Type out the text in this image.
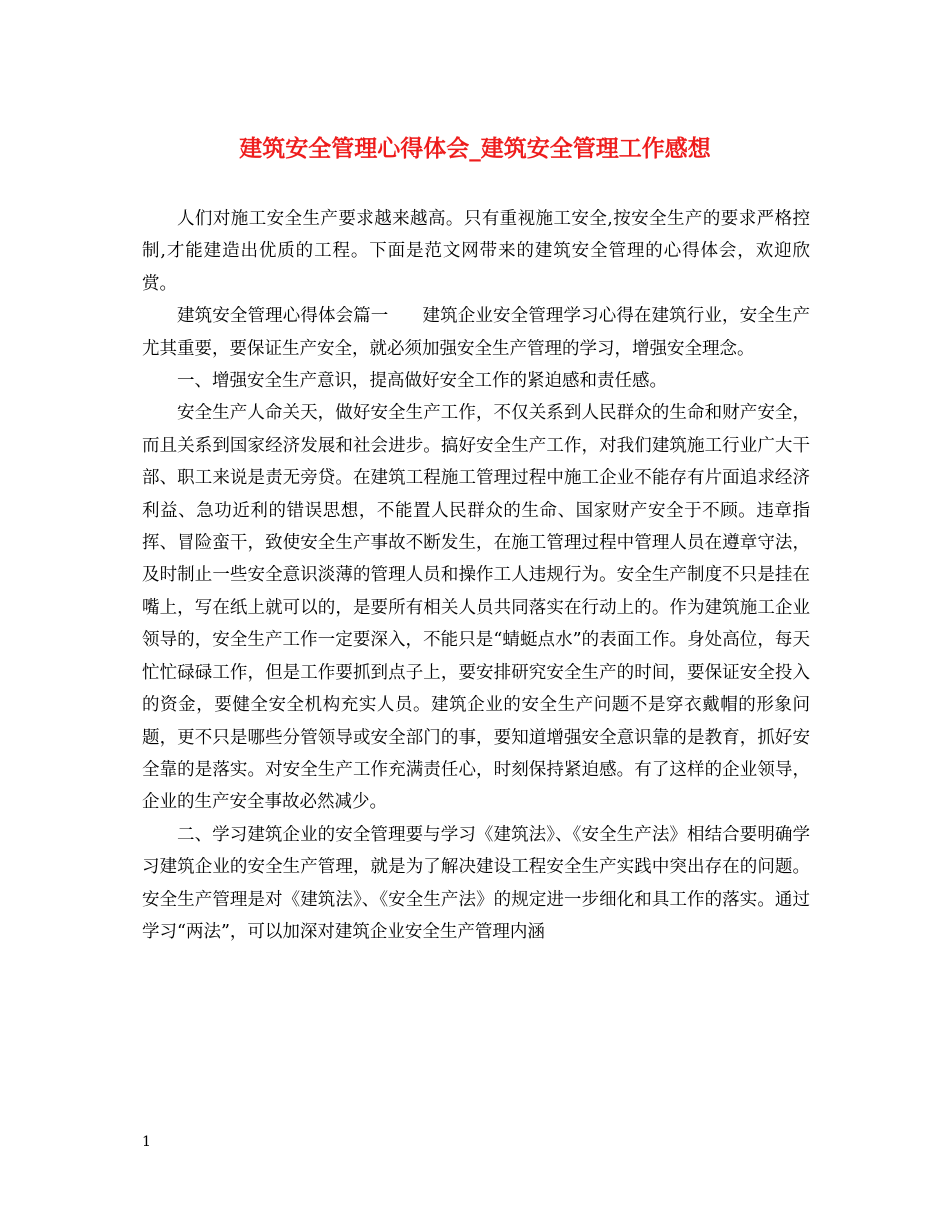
建筑安全管理心得体会_建筑安全管理工作感想

人们对施工安全生产要求越来越高。只有重视施工安全,按安全生产的要求严格控制,才能建造出优质的工程。下面是范文网带来的建筑安全管理的心得体会，欢迎欣赏。

建筑安全管理心得体会篇一      建筑企业安全管理学习心得在建筑行业，安全生产尤其重要，要保证生产安全，就必须加强安全生产管理的学习，增强安全理念。

一、增强安全生产意识，提高做好安全工作的紧迫感和责任感。

安全生产人命关天，做好安全生产工作，不仅关系到人民群众的生命和财产安全，而且关系到国家经济发展和社会进步。搞好安全生产工作，对我们建筑施工行业广大干部、职工来说是责无旁贷。在建筑工程施工管理过程中施工企业不能存有片面追求经济利益、急功近利的错误思想，不能置人民群众的生命、国家财产安全于不顾。违章指挥、冒险蛮干，致使安全生产事故不断发生，在施工管理过程中管理人员在遵章守法，及时制止一些安全意识淡薄的管理人员和操作工人违规行为。安全生产制度不只是挂在嘴上，写在纸上就可以的，是要所有相关人员共同落实在行动上的。作为建筑施工企业领导的，安全生产工作一定要深入，不能只是“蜻蜓点水”的表面工作。身处高位，每天忙忙碌碌工作，但是工作要抓到点子上，要安排研究安全生产的时间，要保证安全投入的资金，要健全安全机构充实人员。建筑企业的安全生产问题不是穿衣戴帽的形象问题，更不只是哪些分管领导或安全部门的事，要知道增强安全意识靠的是教育，抓好安全靠的是落实。对安全生产工作充满责任心，时刻保持紧迫感。有了这样的企业领导，企业的生产安全事故必然减少。

二、学习建筑企业的安全管理要与学习《建筑法》、《安全生产法》相结合要明确学习建筑企业的安全生产管理，就是为了解决建设工程安全生产实践中突出存在的问题。安全生产管理是对《建筑法》、《安全生产法》的规定进一步细化和具工作的落实。通过学习“两法”，可以加深对建筑企业安全生产管理内涵

1
